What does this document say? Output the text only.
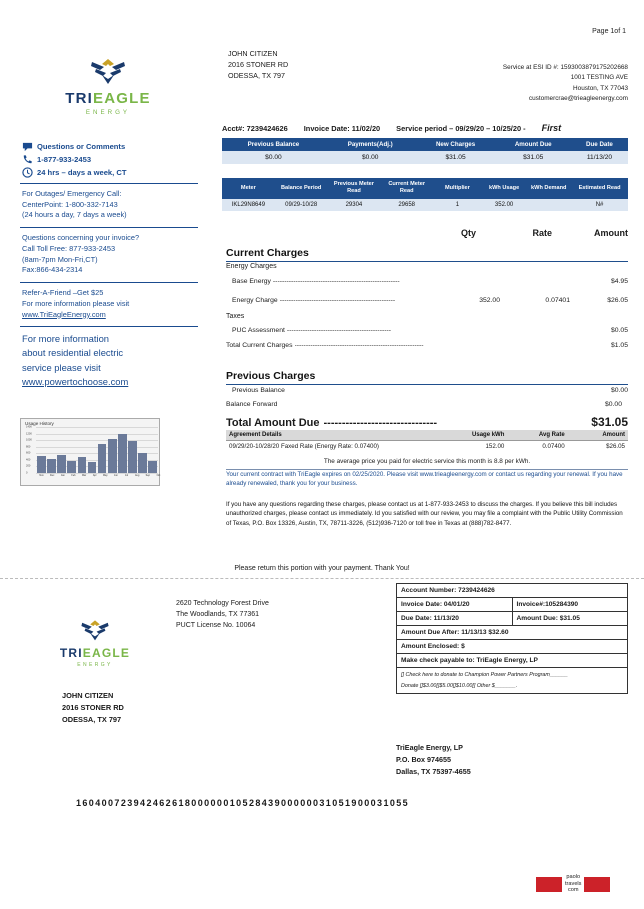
Page 1of 1
TRIEAGLE
ENERGY
Questions or Comments
1-877-933-2453
24 hrs – days a week, CT
For Outages/ Emergency Call:
CenterPoint: 1-800-332-7143
(24 hours a day, 7 days a week)
Questions concerning your invoice?
Call Toll Free: 877-933-2453
(8am-7pm Mon-Fri,CT)
Fax:866-434-2314
Refer-A-Friend –Get $25
For more information please visit
www.TriEagleEnergy.com
For more information
about residential electric
service please visit
www.powertochoose.com
Usage History
1400
1200
1000
800
600
400
200
0
Nov	Dec	Jan	Feb	Mar	Apr	May	Jun	Jul	Aug	Sep	Oct
JOHN CITIZEN
2016 STONER RD
ODESSA, TX 797
Service at ESI ID #: 1593003879175202668
1001 TESTING AVE
Houston, TX 77043
customercrae@trieagleenergy.com
Acct#: 7239424626 Invoice Date: 11/02/20 Service period – 09/29/20 – 10/25/20 - First
Previous Balance	Payments(Adj.)	New Charges	Amount Due	Due Date
$0.00	$0.00	$31.05	$31.05	11/13/20
Meter	Balance Period	Previous Meter Read	Current Meter Read	Multiplier	kWh Usage	kWh Demand	Estimated Read
IKL29N8649	09/29-10/28	29304	29658	1	352.00		N#
Qty	Rate	Amount
Current Charges
Energy Charges
Base Energy --------------------------------------------------------	$4.95
Energy Charge ---------------------------------------------------	352.00	0.07401	$26.05
Taxes
PUC Assessment ----------------------------------------------	$0.05
Total Current Charges ---------------------------------------------------------	$1.05
Previous Charges
Previous Balance	$0.00
Balance Forward	$0.00
Total Amount Due -------------------------------	$31.05
Agreement Details	Usage kWh	Avg Rate	Amount
09/29/20-10/28/20 Faxed Rate (Energy Rate: 0.07400)	152.00	0.07400	$26.05
The average price you paid for electric service this month is 8.8 per kWh.
Your current contract with TriEagle expires on 02/25/2020. Please visit www.trieagleenergy.com or contact us regarding your renewal. If you have already renewaled, thank you for your business.
If you have any questions regarding these charges, please contact us at 1-877-933-2453 to discuss the charges. If you believe this bill includes unauthorized charges, please contact us immediately. Id you satisfied with our review, you may file a complaint with the Public Utility Commission of Texas, P.O. Box 13326, Austin, TX, 78711-3226, (512)936-7120 or toll free in Texas at (888)782-8477.
Please return this portion with your payment. Thank You!
TRIEAGLE
ENERGY
2620 Technology Forest Drive
The Woodlands, TX 77361
PUCT License No. 10064
JOHN CITIZEN
2016 STONER RD
ODESSA, TX 797
Account Number: 7239424626
Invoice Date: 04/01/20	Invoice#:105284390
Due Date: 11/13/20	Amount Due: $31.05
Amount Due After: 11/13/13 $32.60
Amount Enclosed: $
Make check payable to: TriEagle Energy, LP
[] Check here to donate to Champion Power Partners Program______
Donate []$3.00[]$5.00[]$10.00[] Other $_______.
TriEagle Energy, LP
P.O. Box 974655
Dallas, TX 75397-4655
1604007239424626180000001052843900000031051900031055
paolo
travels
com
